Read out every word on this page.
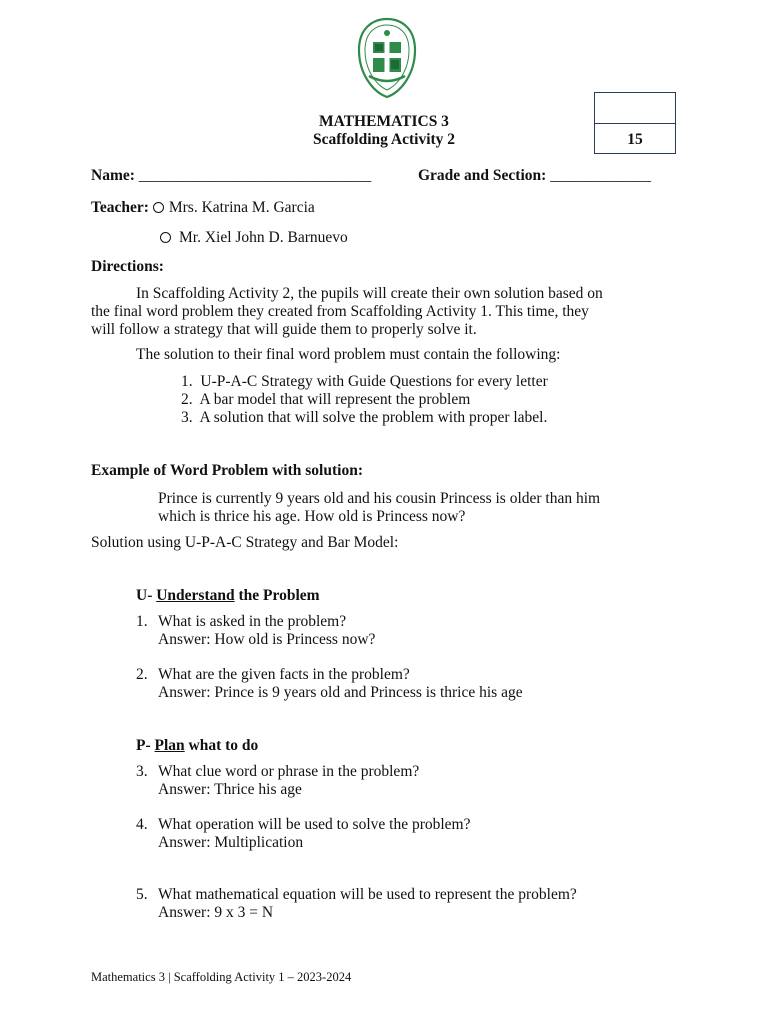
MATHEMATICS 3
Scaffolding Activity 2	15
Name: ______________________________	Grade and Section: _____________
Teacher: Mrs. Katrina M. Garcia
Mr. Xiel John D. Barnuevo
Directions:
In Scaffolding Activity 2, the pupils will create their own solution based on
the final word problem they created from Scaffolding Activity 1. This time, they
will follow a strategy that will guide them to properly solve it.
The solution to their final word problem must contain the following:
1. U-P-A-C Strategy with Guide Questions for every letter
2. A bar model that will represent the problem
3. A solution that will solve the problem with proper label.
Example of Word Problem with solution:
Prince is currently 9 years old and his cousin Princess is older than him
which is thrice his age. How old is Princess now?
Solution using U-P-A-C Strategy and Bar Model:
U- Understand the Problem
1. What is asked in the problem?
Answer: How old is Princess now?
2. What are the given facts in the problem?
Answer: Prince is 9 years old and Princess is thrice his age
P- Plan what to do
3. What clue word or phrase in the problem?
Answer: Thrice his age
4. What operation will be used to solve the problem?
Answer: Multiplication
5. What mathematical equation will be used to represent the problem?
Answer: 9 x 3 = N
Mathematics 3 | Scaffolding Activity 1 – 2023-2024
